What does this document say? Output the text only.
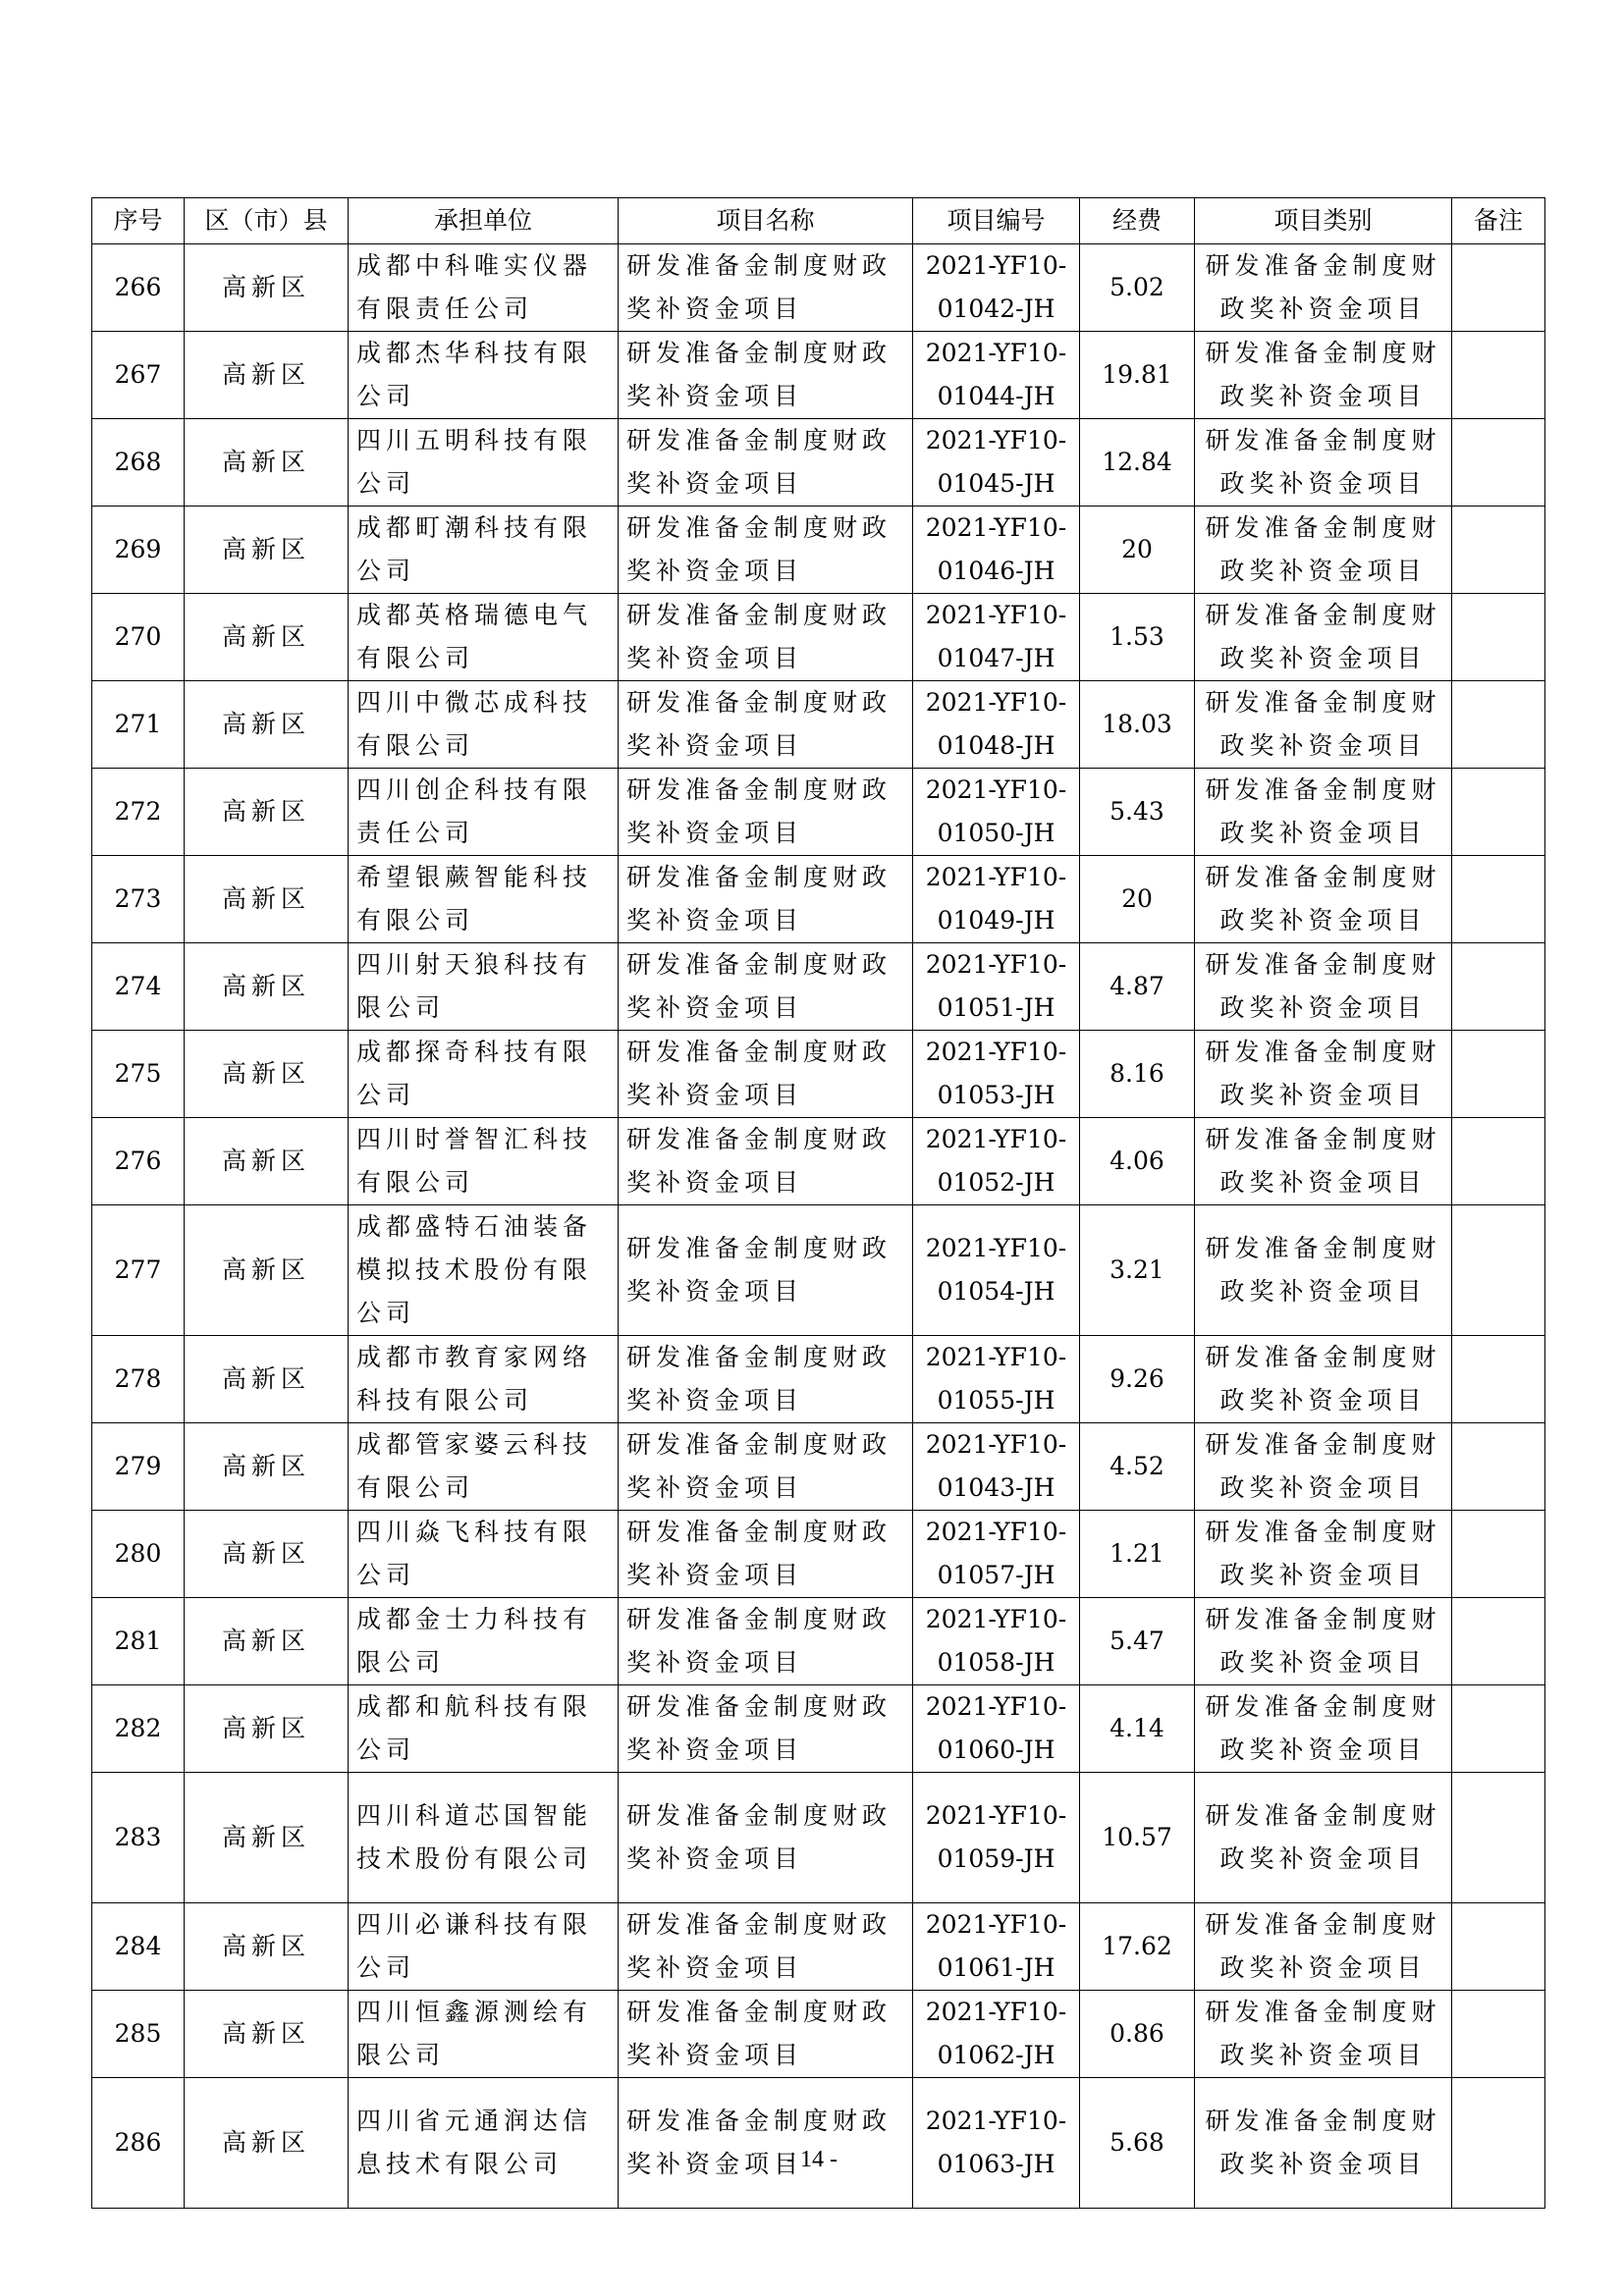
序号	区（市）县	承担单位	项目名称	项目编号	经费	项目类别	备注
266	高新区	成都中科唯实仪器有限责任公司	研发准备金制度财政奖补资金项目	2021-YF10-
01042-JH	5.02	研发准备金制度财政奖补资金项目	
267	高新区	成都杰华科技有限公司	研发准备金制度财政奖补资金项目	2021-YF10-
01044-JH	19.81	研发准备金制度财政奖补资金项目	
268	高新区	四川五明科技有限公司	研发准备金制度财政奖补资金项目	2021-YF10-
01045-JH	12.84	研发准备金制度财政奖补资金项目	
269	高新区	成都町潮科技有限公司	研发准备金制度财政奖补资金项目	2021-YF10-
01046-JH	20	研发准备金制度财政奖补资金项目	
270	高新区	成都英格瑞德电气有限公司	研发准备金制度财政奖补资金项目	2021-YF10-
01047-JH	1.53	研发准备金制度财政奖补资金项目	
271	高新区	四川中微芯成科技有限公司	研发准备金制度财政奖补资金项目	2021-YF10-
01048-JH	18.03	研发准备金制度财政奖补资金项目	
272	高新区	四川创企科技有限责任公司	研发准备金制度财政奖补资金项目	2021-YF10-
01050-JH	5.43	研发准备金制度财政奖补资金项目	
273	高新区	希望银蕨智能科技有限公司	研发准备金制度财政奖补资金项目	2021-YF10-
01049-JH	20	研发准备金制度财政奖补资金项目	
274	高新区	四川射天狼科技有限公司	研发准备金制度财政奖补资金项目	2021-YF10-
01051-JH	4.87	研发准备金制度财政奖补资金项目	
275	高新区	成都探奇科技有限公司	研发准备金制度财政奖补资金项目	2021-YF10-
01053-JH	8.16	研发准备金制度财政奖补资金项目	
276	高新区	四川时誉智汇科技有限公司	研发准备金制度财政奖补资金项目	2021-YF10-
01052-JH	4.06	研发准备金制度财政奖补资金项目	
277	高新区	成都盛特石油装备模拟技术股份有限公司	研发准备金制度财政奖补资金项目	2021-YF10-
01054-JH	3.21	研发准备金制度财政奖补资金项目	
278	高新区	成都市教育家网络科技有限公司	研发准备金制度财政奖补资金项目	2021-YF10-
01055-JH	9.26	研发准备金制度财政奖补资金项目	
279	高新区	成都管家婆云科技有限公司	研发准备金制度财政奖补资金项目	2021-YF10-
01043-JH	4.52	研发准备金制度财政奖补资金项目	
280	高新区	四川焱飞科技有限公司	研发准备金制度财政奖补资金项目	2021-YF10-
01057-JH	1.21	研发准备金制度财政奖补资金项目	
281	高新区	成都金士力科技有限公司	研发准备金制度财政奖补资金项目	2021-YF10-
01058-JH	5.47	研发准备金制度财政奖补资金项目	
282	高新区	成都和航科技有限公司	研发准备金制度财政奖补资金项目	2021-YF10-
01060-JH	4.14	研发准备金制度财政奖补资金项目	
283	高新区	四川科道芯国智能技术股份有限公司	研发准备金制度财政奖补资金项目	2021-YF10-
01059-JH	10.57	研发准备金制度财政奖补资金项目	
284	高新区	四川必谦科技有限公司	研发准备金制度财政奖补资金项目	2021-YF10-
01061-JH	17.62	研发准备金制度财政奖补资金项目	
285	高新区	四川恒鑫源测绘有限公司	研发准备金制度财政奖补资金项目	2021-YF10-
01062-JH	0.86	研发准备金制度财政奖补资金项目	
286	高新区	四川省元通润达信息技术有限公司	研发准备金制度财政奖补资金项目	2021-YF10-
01063-JH	5.68	研发准备金制度财政奖补资金项目	
- 14 -
